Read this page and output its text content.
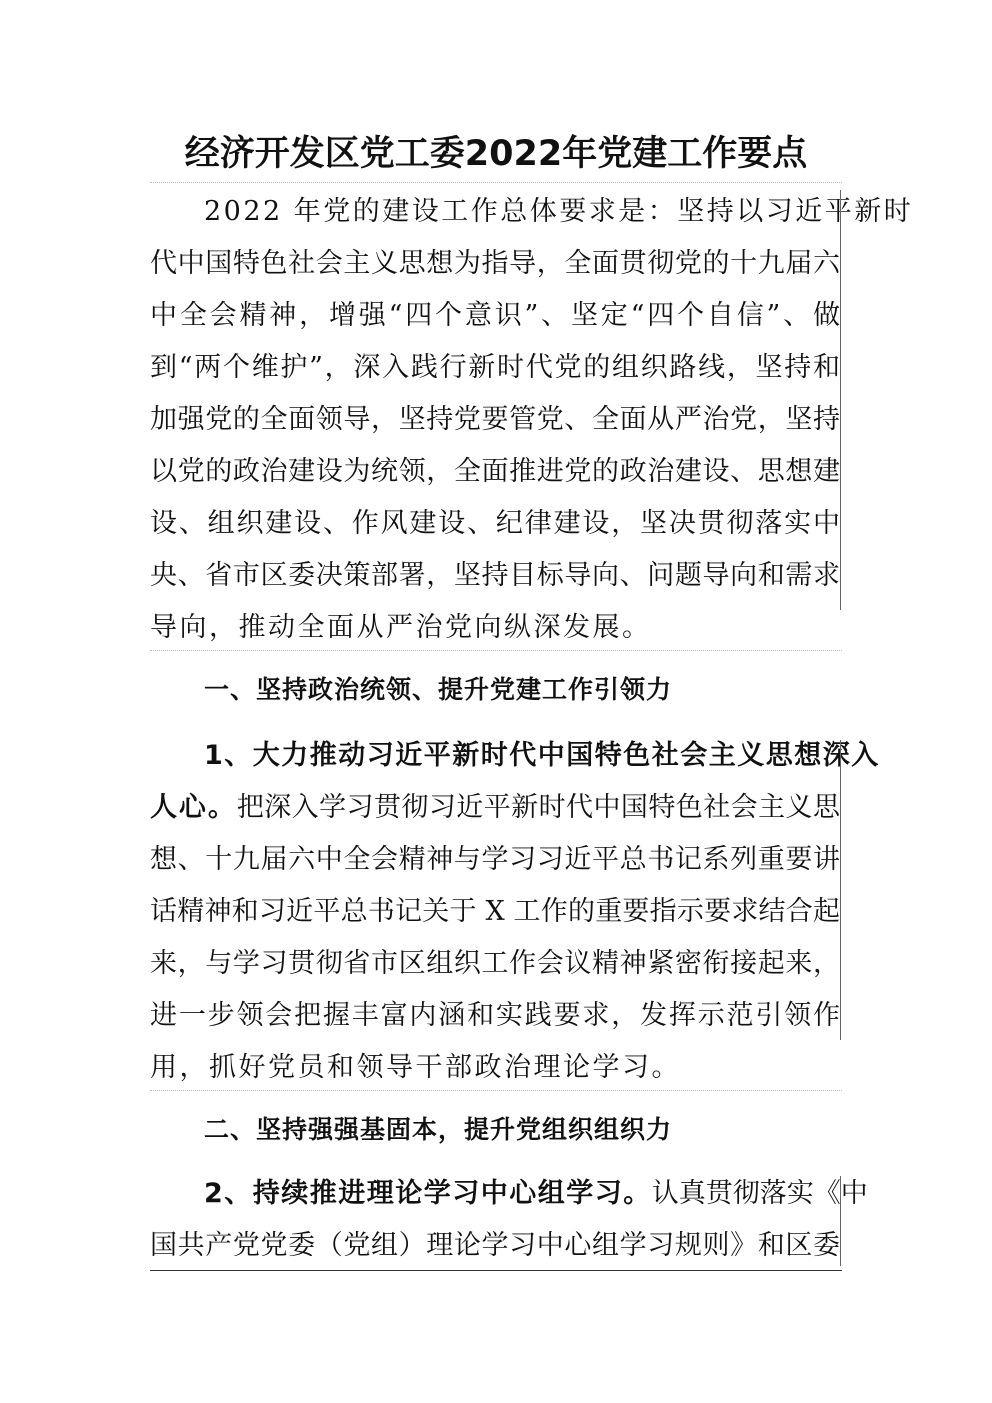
经济开发区党工委2022年党建工作要点
2022 年党的建设工作总体要求是：坚持以习近平新时
代中国特色社会主义思想为指导，全面贯彻党的十九届六
中全会精神，增强“四个意识”、坚定“四个自信”、做
到“两个维护”，深入践行新时代党的组织路线，坚持和
加强党的全面领导，坚持党要管党、全面从严治党，坚持
以党的政治建设为统领，全面推进党的政治建设、思想建
设、组织建设、作风建设、纪律建设，坚决贯彻落实中
央、省市区委决策部署，坚持目标导向、问题导向和需求
导向，推动全面从严治党向纵深发展。
一、坚持政治统领、提升党建工作引领力
1、大力推动习近平新时代中国特色社会主义思想深入
人心。把深入学习贯彻习近平新时代中国特色社会主义思
想、十九届六中全会精神与学习习近平总书记系列重要讲
话精神和习近平总书记关于 X 工作的重要指示要求结合起
来，与学习贯彻省市区组织工作会议精神紧密衔接起来，
进一步领会把握丰富内涵和实践要求，发挥示范引领作
用，抓好党员和领导干部政治理论学习。
二、坚持强强基固本，提升党组织组织力
2、持续推进理论学习中心组学习。认真贯彻落实《中
国共产党党委（党组）理论学习中心组学习规则》和区委
